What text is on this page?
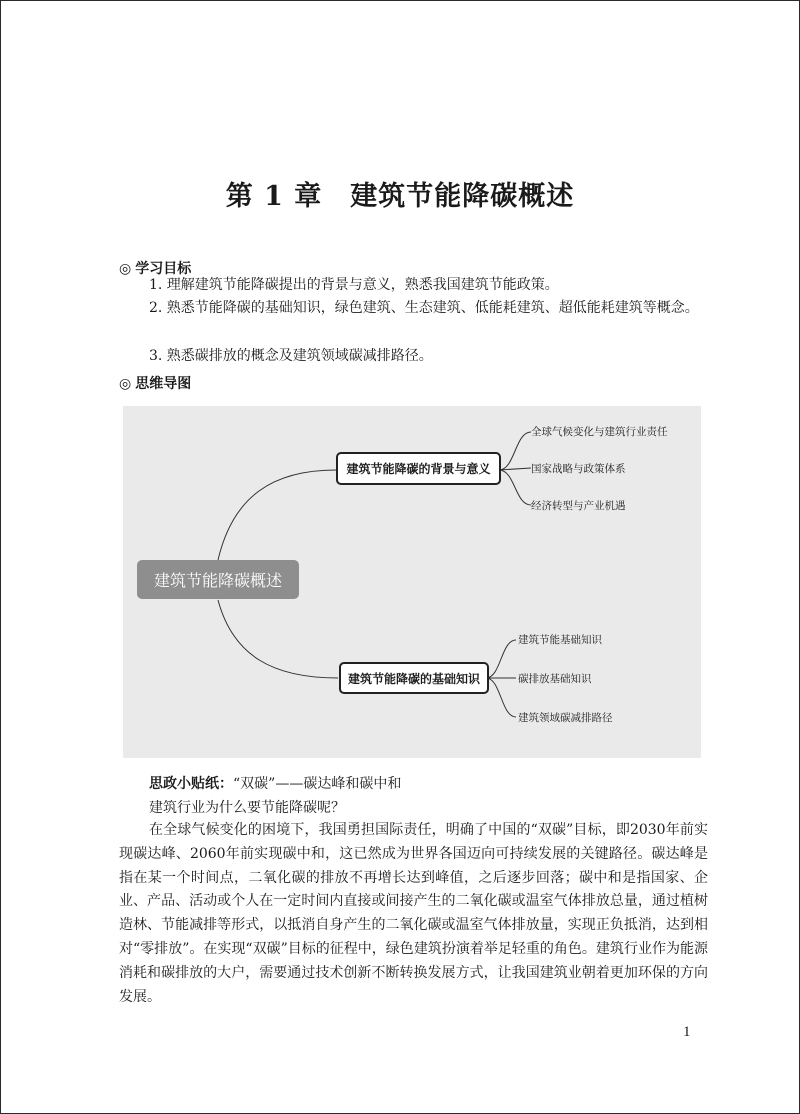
第 1 章　建筑节能降碳概述
◎ 学习目标
1. 理解建筑节能降碳提出的背景与意义，熟悉我国建筑节能政策。
2. 熟悉节能降碳的基础知识，绿色建筑、生态建筑、低能耗建筑、超低能耗建筑等概念。
3. 熟悉碳排放的概念及建筑领域碳减排路径。
◎ 思维导图
建筑节能降碳概述
建筑节能降碳的背景与意义
建筑节能降碳的基础知识
全球气候变化与建筑行业责任
国家战略与政策体系
经济转型与产业机遇
建筑节能基础知识
碳排放基础知识
建筑领域碳减排路径
思政小贴纸：“双碳”——碳达峰和碳中和
建筑行业为什么要节能降碳呢？
在全球气候变化的困境下，我国勇担国际责任，明确了中国的“双碳”目标，即2030年前实现碳达峰、2060年前实现碳中和，这已然成为世界各国迈向可持续发展的关键路径。碳达峰是指在某一个时间点，二氧化碳的排放不再增长达到峰值，之后逐步回落；碳中和是指国家、企业、产品、活动或个人在一定时间内直接或间接产生的二氧化碳或温室气体排放总量，通过植树造林、节能减排等形式，以抵消自身产生的二氧化碳或温室气体排放量，实现正负抵消，达到相对“零排放”。在实现“双碳”目标的征程中，绿色建筑扮演着举足轻重的角色。建筑行业作为能源消耗和碳排放的大户，需要通过技术创新不断转换发展方式，让我国建筑业朝着更加环保的方向发展。
1
